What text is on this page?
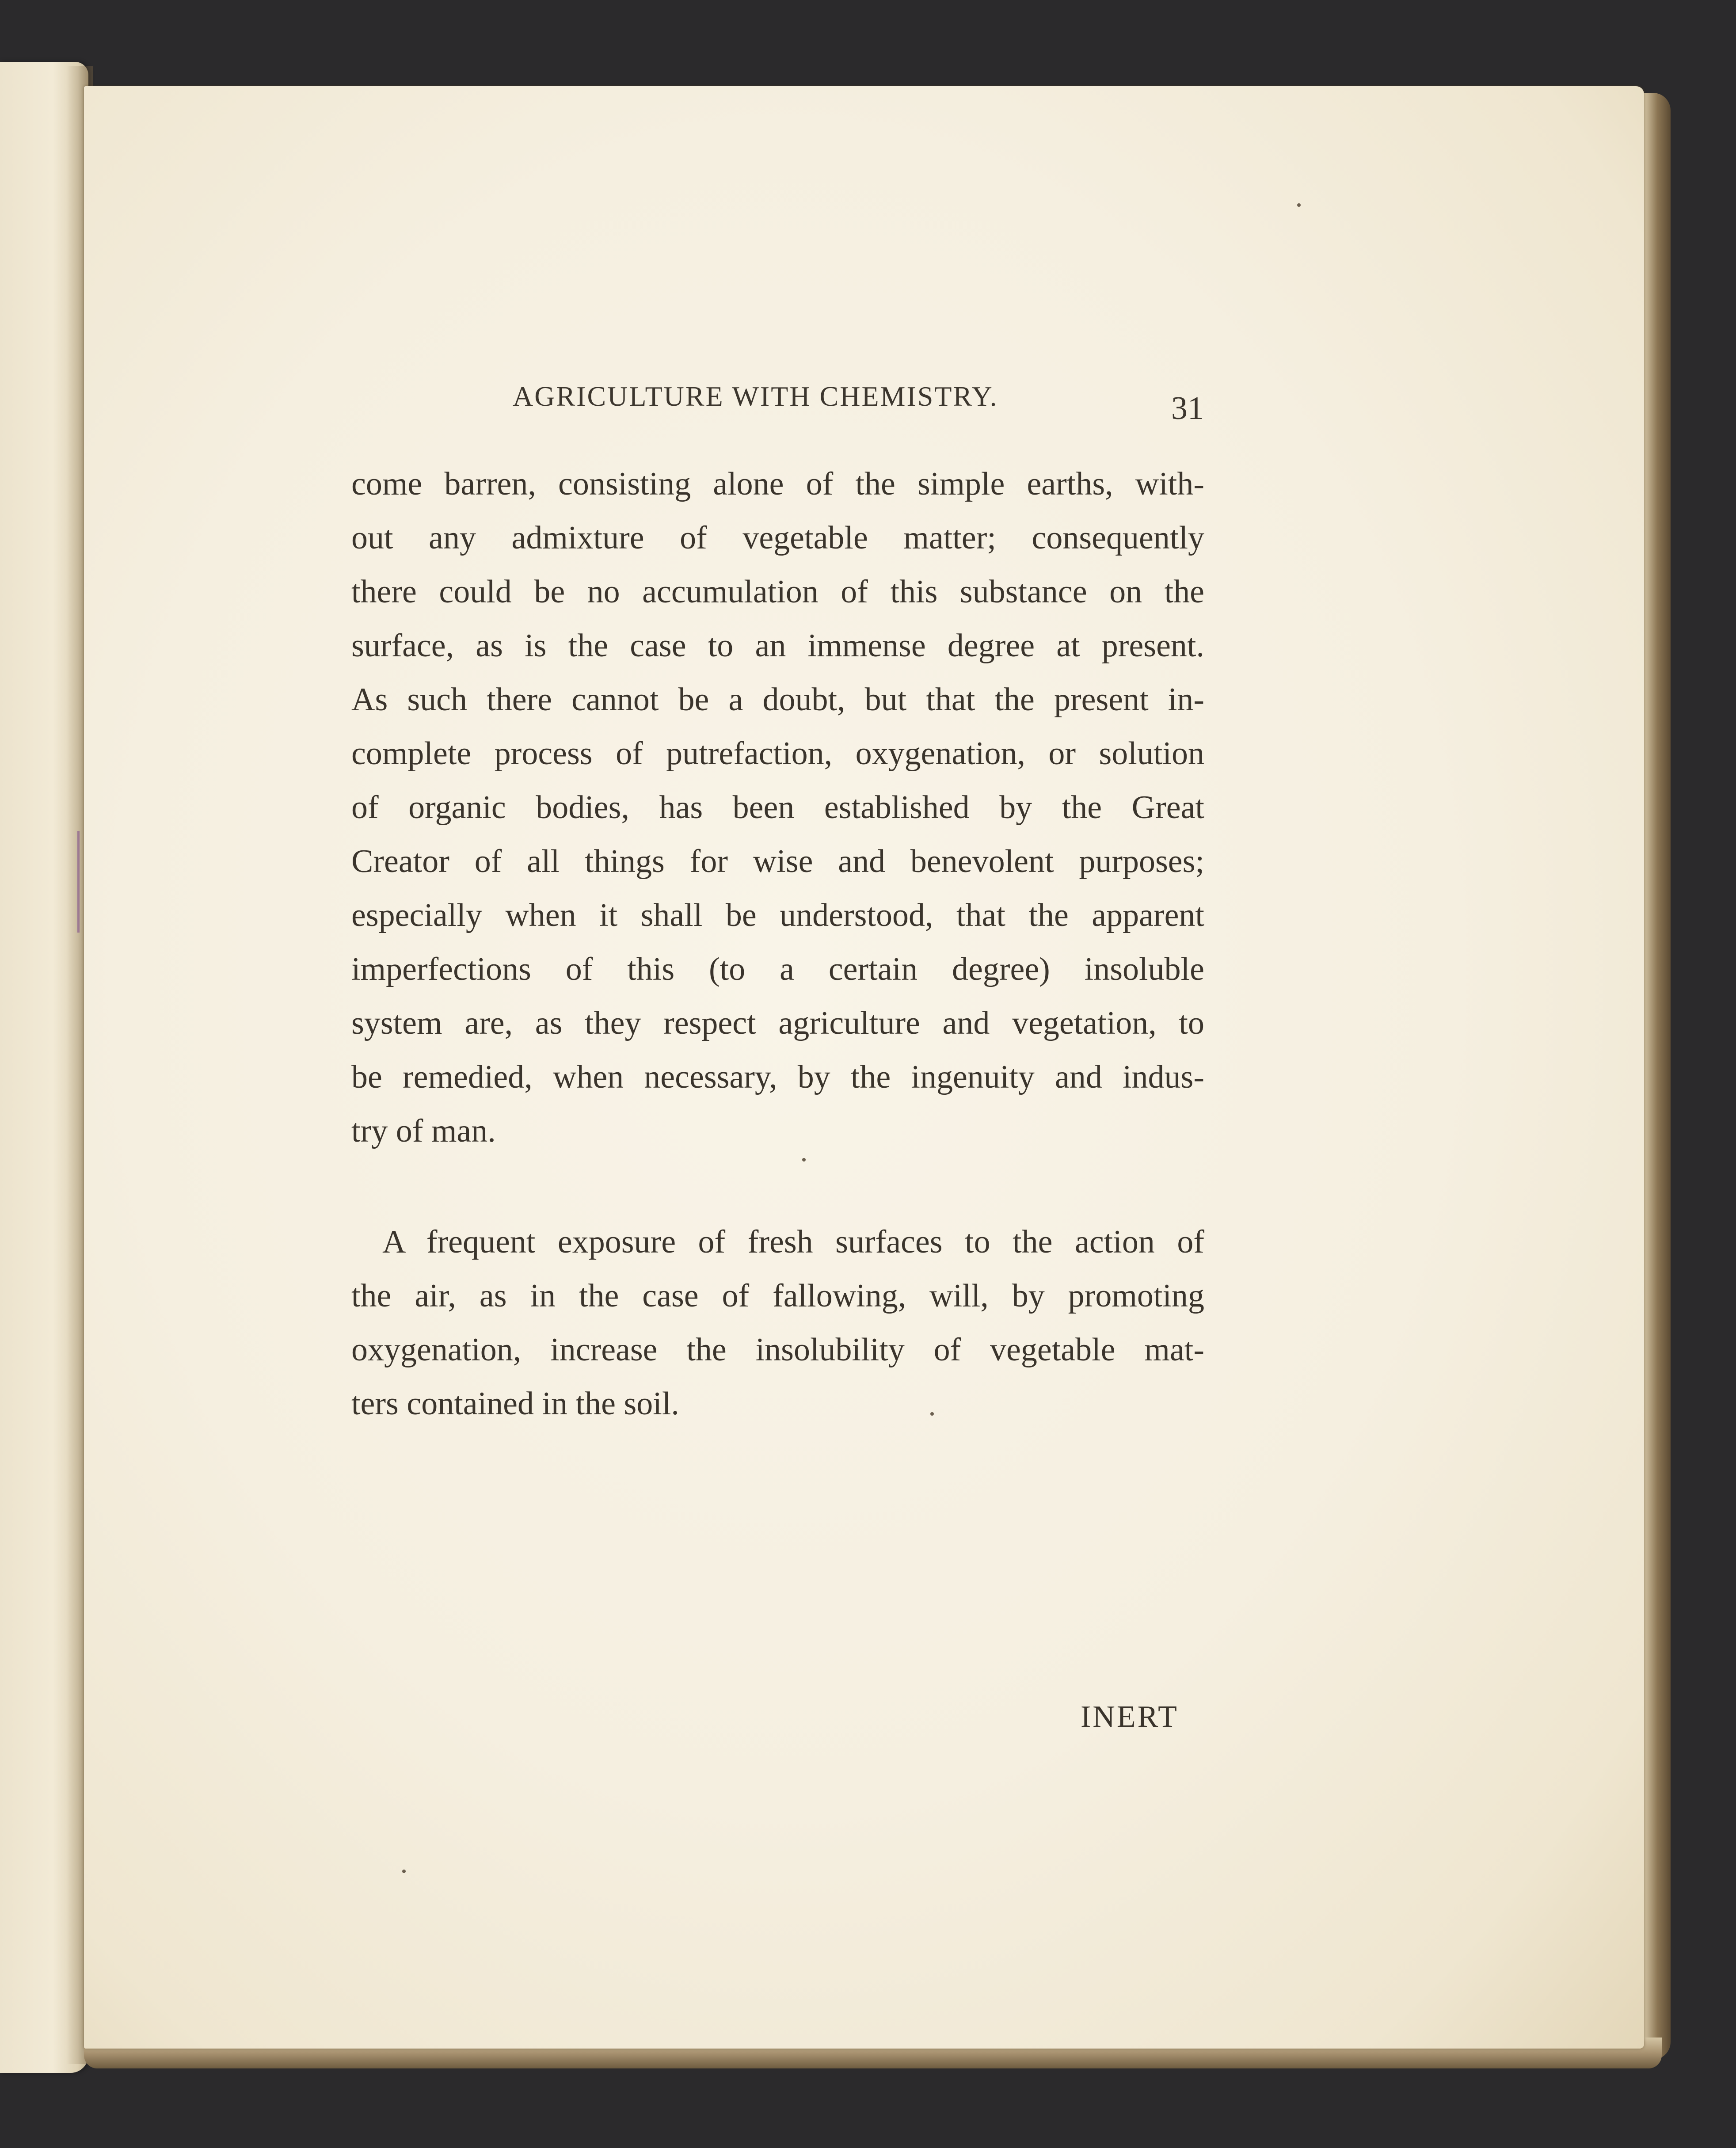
AGRICULTURE WITH CHEMISTRY.	31
come barren, consisting alone of the simple earths, with-
out any admixture of vegetable matter; consequently
there could be no accumulation of this substance on the
surface, as is the case to an immense degree at present.
As such there cannot be a doubt, but that the present in-
complete process of putrefaction, oxygenation, or solution
of organic bodies, has been established by the Great
Creator of all things for wise and benevolent purposes;
especially when it shall be understood, that the apparent
imperfections of this (to a certain degree) insoluble
system are, as they respect agriculture and vegetation, to
be remedied, when necessary, by the ingenuity and indus-
try of man.
A frequent exposure of fresh surfaces to the action of
the air, as in the case of fallowing, will, by promoting
oxygenation, increase the insolubility of vegetable mat-
ters contained in the soil.
INERT
